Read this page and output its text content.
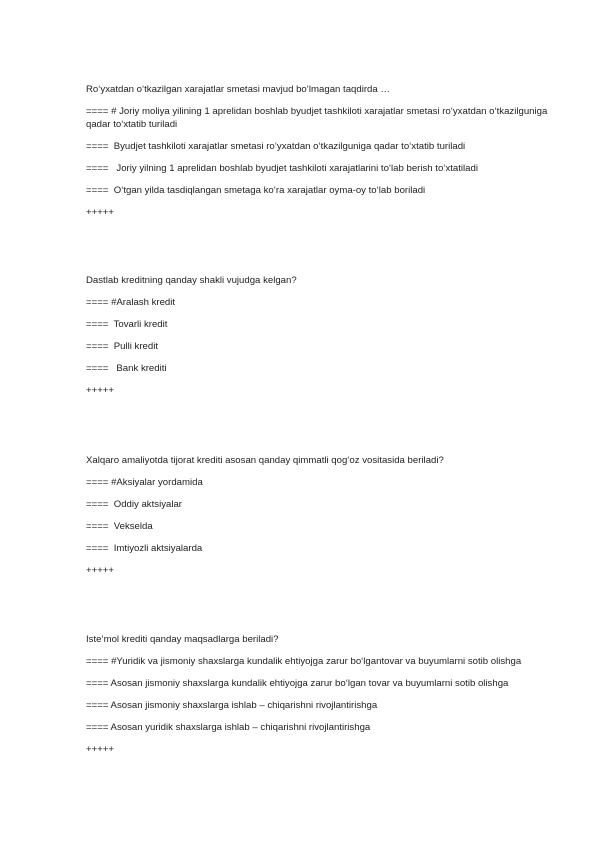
Ro‘yxatdan o‘tkazilgan xarajatlar smetasi mavjud bo‘lmagan taqdirda …

==== # Joriy moliya yilining 1 aprelidan boshlab byudjet tashkiloti xarajatlar smetasi ro‘yxatdan o‘tkazilguniga qadar to‘xtatib turiladi

====  Byudjet tashkiloti xarajatlar smetasi ro‘yxatdan o‘tkazilguniga qadar to‘xtatib turiladi

====   Joriy yilning 1 aprelidan boshlab byudjet tashkiloti xarajatlarini to‘lab berish to‘xtatiladi

====  O‘tgan yilda tasdiqlangan smetaga ko‘ra xarajatlar oyma-oy to‘lab boriladi

+++++

Dastlab kreditning qanday shakli vujudga kelgan?

==== #Aralash kredit

====  Tovarli kredit

====  Pulli kredit

====   Bank krediti

+++++

Xalqaro amaliyotda tijorat krediti asosan qanday qimmatli qog‘oz vositasida beriladi?

==== #Aksiyalar yordamida

====  Oddiy aktsiyalar

====  Vekselda

====  Imtiyozli aktsiyalarda

+++++

Iste’mol krediti qanday maqsadlarga beriladi?

==== #Yuridik va jismoniy shaxslarga kundalik ehtiyojga zarur bo‘lgantovar va buyumlarni sotib olishga

==== Asosan jismoniy shaxslarga kundalik ehtiyojga zarur bo‘lgan tovar va buyumlarni sotib olishga

==== Asosan jismoniy shaxslarga ishlab – chiqarishni rivojlantirishga

==== Asosan yuridik shaxslarga ishlab – chiqarishni rivojlantirishga

+++++
